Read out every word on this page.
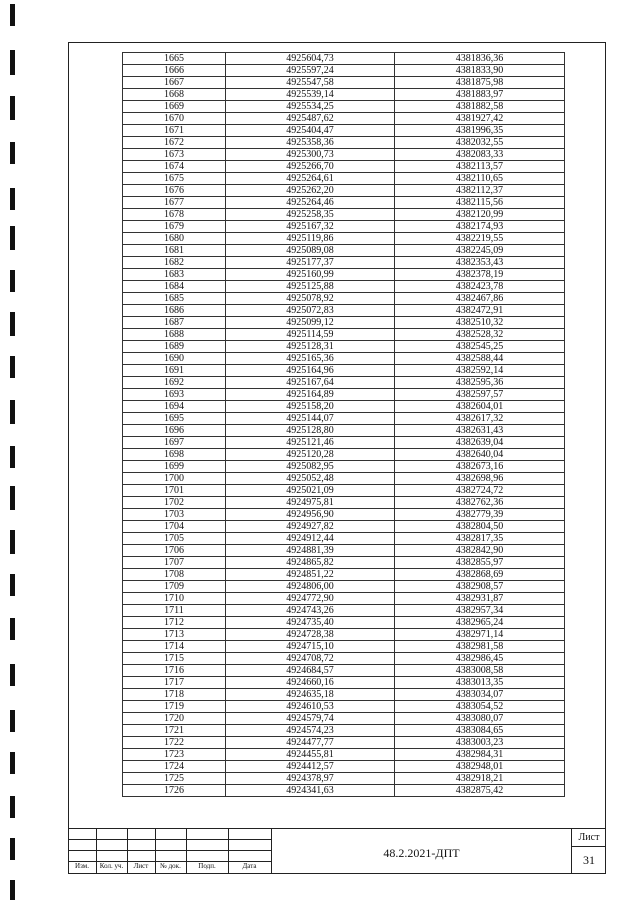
1665	4925604,73	4381836,36
1666	4925597,24	4381833,90
1667	4925547,58	4381875,98
1668	4925539,14	4381883,97
1669	4925534,25	4381882,58
1670	4925487,62	4381927,42
1671	4925404,47	4381996,35
1672	4925358,36	4382032,55
1673	4925300,73	4382083,33
1674	4925266,70	4382113,57
1675	4925264,61	4382110,65
1676	4925262,20	4382112,37
1677	4925264,46	4382115,56
1678	4925258,35	4382120,99
1679	4925167,32	4382174,93
1680	4925119,86	4382219,55
1681	4925089,08	4382245,09
1682	4925177,37	4382353,43
1683	4925160,99	4382378,19
1684	4925125,88	4382423,78
1685	4925078,92	4382467,86
1686	4925072,83	4382472,91
1687	4925099,12	4382510,32
1688	4925114,59	4382528,32
1689	4925128,31	4382545,25
1690	4925165,36	4382588,44
1691	4925164,96	4382592,14
1692	4925167,64	4382595,36
1693	4925164,89	4382597,57
1694	4925158,20	4382604,01
1695	4925144,07	4382617,32
1696	4925128,80	4382631,43
1697	4925121,46	4382639,04
1698	4925120,28	4382640,04
1699	4925082,95	4382673,16
1700	4925052,48	4382698,96
1701	4925021,09	4382724,72
1702	4924975,81	4382762,36
1703	4924956,90	4382779,39
1704	4924927,82	4382804,50
1705	4924912,44	4382817,35
1706	4924881,39	4382842,90
1707	4924865,82	4382855,97
1708	4924851,22	4382868,69
1709	4924806,00	4382908,57
1710	4924772,90	4382931,87
1711	4924743,26	4382957,34
1712	4924735,40	4382965,24
1713	4924728,38	4382971,14
1714	4924715,10	4382981,58
1715	4924708,72	4382986,45
1716	4924684,57	4383008,58
1717	4924660,16	4383013,35
1718	4924635,18	4383034,07
1719	4924610,53	4383054,52
1720	4924579,74	4383080,07
1721	4924574,23	4383084,65
1722	4924477,77	4383003,23
1723	4924455,81	4382984,31
1724	4924412,57	4382948,01
1725	4924378,97	4382918,21
1726	4924341,63	4382875,42
Изм.	Кол. уч.	Лист	№ док.	Подп.	Дата
48.2.2021-ДПТ
Лист
31
